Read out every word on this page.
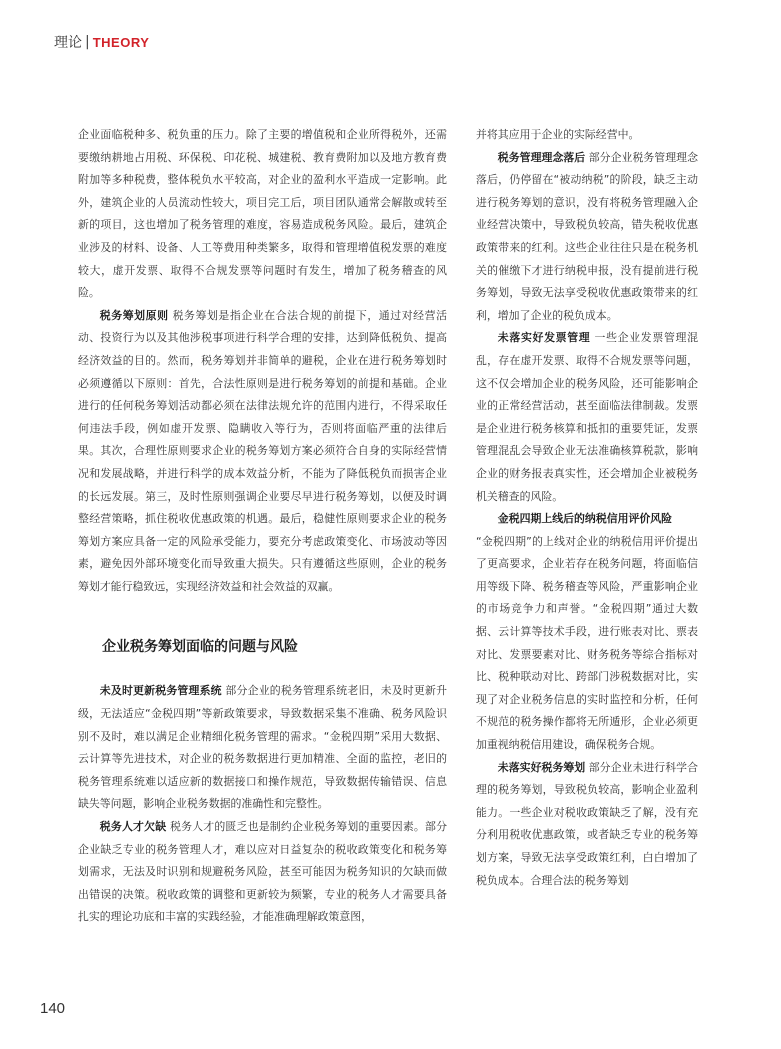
理论 | THEORY

企业面临税种多、税负重的压力。除了主要的增值税和企业所得税外，还需要缴纳耕地占用税、环保税、印花税、城建税、教育费附加以及地方教育费附加等多种税费，整体税负水平较高，对企业的盈利水平造成一定影响。此外，建筑企业的人员流动性较大，项目完工后，项目团队通常会解散或转至新的项目，这也增加了税务管理的难度，容易造成税务风险。最后，建筑企业涉及的材料、设备、人工等费用种类繁多，取得和管理增值税发票的难度较大，虚开发票、取得不合规发票等问题时有发生，增加了税务稽查的风险。

税务筹划原则 税务筹划是指企业在合法合规的前提下，通过对经营活动、投资行为以及其他涉税事项进行科学合理的安排，达到降低税负、提高经济效益的目的。然而，税务筹划并非简单的避税，企业在进行税务筹划时必须遵循以下原则：首先，合法性原则是进行税务筹划的前提和基础。企业进行的任何税务筹划活动都必须在法律法规允许的范围内进行，不得采取任何违法手段，例如虚开发票、隐瞒收入等行为，否则将面临严重的法律后果。其次，合理性原则要求企业的税务筹划方案必须符合自身的实际经营情况和发展战略，并进行科学的成本效益分析，不能为了降低税负而损害企业的长远发展。第三，及时性原则强调企业要尽早进行税务筹划，以便及时调整经营策略，抓住税收优惠政策的机遇。最后，稳健性原则要求企业的税务筹划方案应具备一定的风险承受能力，要充分考虑政策变化、市场波动等因素，避免因外部环境变化而导致重大损失。只有遵循这些原则，企业的税务筹划才能行稳致远，实现经济效益和社会效益的双赢。

企业税务筹划面临的问题与风险

未及时更新税务管理系统 部分企业的税务管理系统老旧，未及时更新升级，无法适应“金税四期”等新政策要求，导致数据采集不准确、税务风险识别不及时，难以满足企业精细化税务管理的需求。“金税四期”采用大数据、云计算等先进技术，对企业的税务数据进行更加精准、全面的监控，老旧的税务管理系统难以适应新的数据接口和操作规范，导致数据传输错误、信息缺失等问题，影响企业税务数据的准确性和完整性。

税务人才欠缺 税务人才的匮乏也是制约企业税务筹划的重要因素。部分企业缺乏专业的税务管理人才，难以应对日益复杂的税收政策变化和税务筹划需求，无法及时识别和规避税务风险，甚至可能因为税务知识的欠缺而做出错误的决策。税收政策的调整和更新较为频繁，专业的税务人才需要具备扎实的理论功底和丰富的实践经验，才能准确理解政策意图，

并将其应用于企业的实际经营中。

税务管理理念落后 部分企业税务管理理念落后，仍停留在“被动纳税”的阶段，缺乏主动进行税务筹划的意识，没有将税务管理融入企业经营决策中，导致税负较高，错失税收优惠政策带来的红利。这些企业往往只是在税务机关的催缴下才进行纳税申报，没有提前进行税务筹划，导致无法享受税收优惠政策带来的红利，增加了企业的税负成本。

未落实好发票管理 一些企业发票管理混乱，存在虚开发票、取得不合规发票等问题，这不仅会增加企业的税务风险，还可能影响企业的正常经营活动，甚至面临法律制裁。发票是企业进行税务核算和抵扣的重要凭证，发票管理混乱会导致企业无法准确核算税款，影响企业的财务报表真实性，还会增加企业被税务机关稽查的风险。

金税四期上线后的纳税信用评价风险

“金税四期”的上线对企业的纳税信用评价提出了更高要求，企业若存在税务问题，将面临信用等级下降、税务稽查等风险，严重影响企业的市场竞争力和声誉。“金税四期”通过大数据、云计算等技术手段，进行账表对比、票表对比、发票要素对比、财务税务等综合指标对比、税种联动对比、跨部门涉税数据对比，实现了对企业税务信息的实时监控和分析，任何不规范的税务操作都将无所遁形，企业必须更加重视纳税信用建设，确保税务合规。

未落实好税务筹划 部分企业未进行科学合理的税务筹划，导致税负较高，影响企业盈利能力。一些企业对税收政策缺乏了解，没有充分利用税收优惠政策，或者缺乏专业的税务筹划方案，导致无法享受政策红利，白白增加了税负成本。合理合法的税务筹划

140
